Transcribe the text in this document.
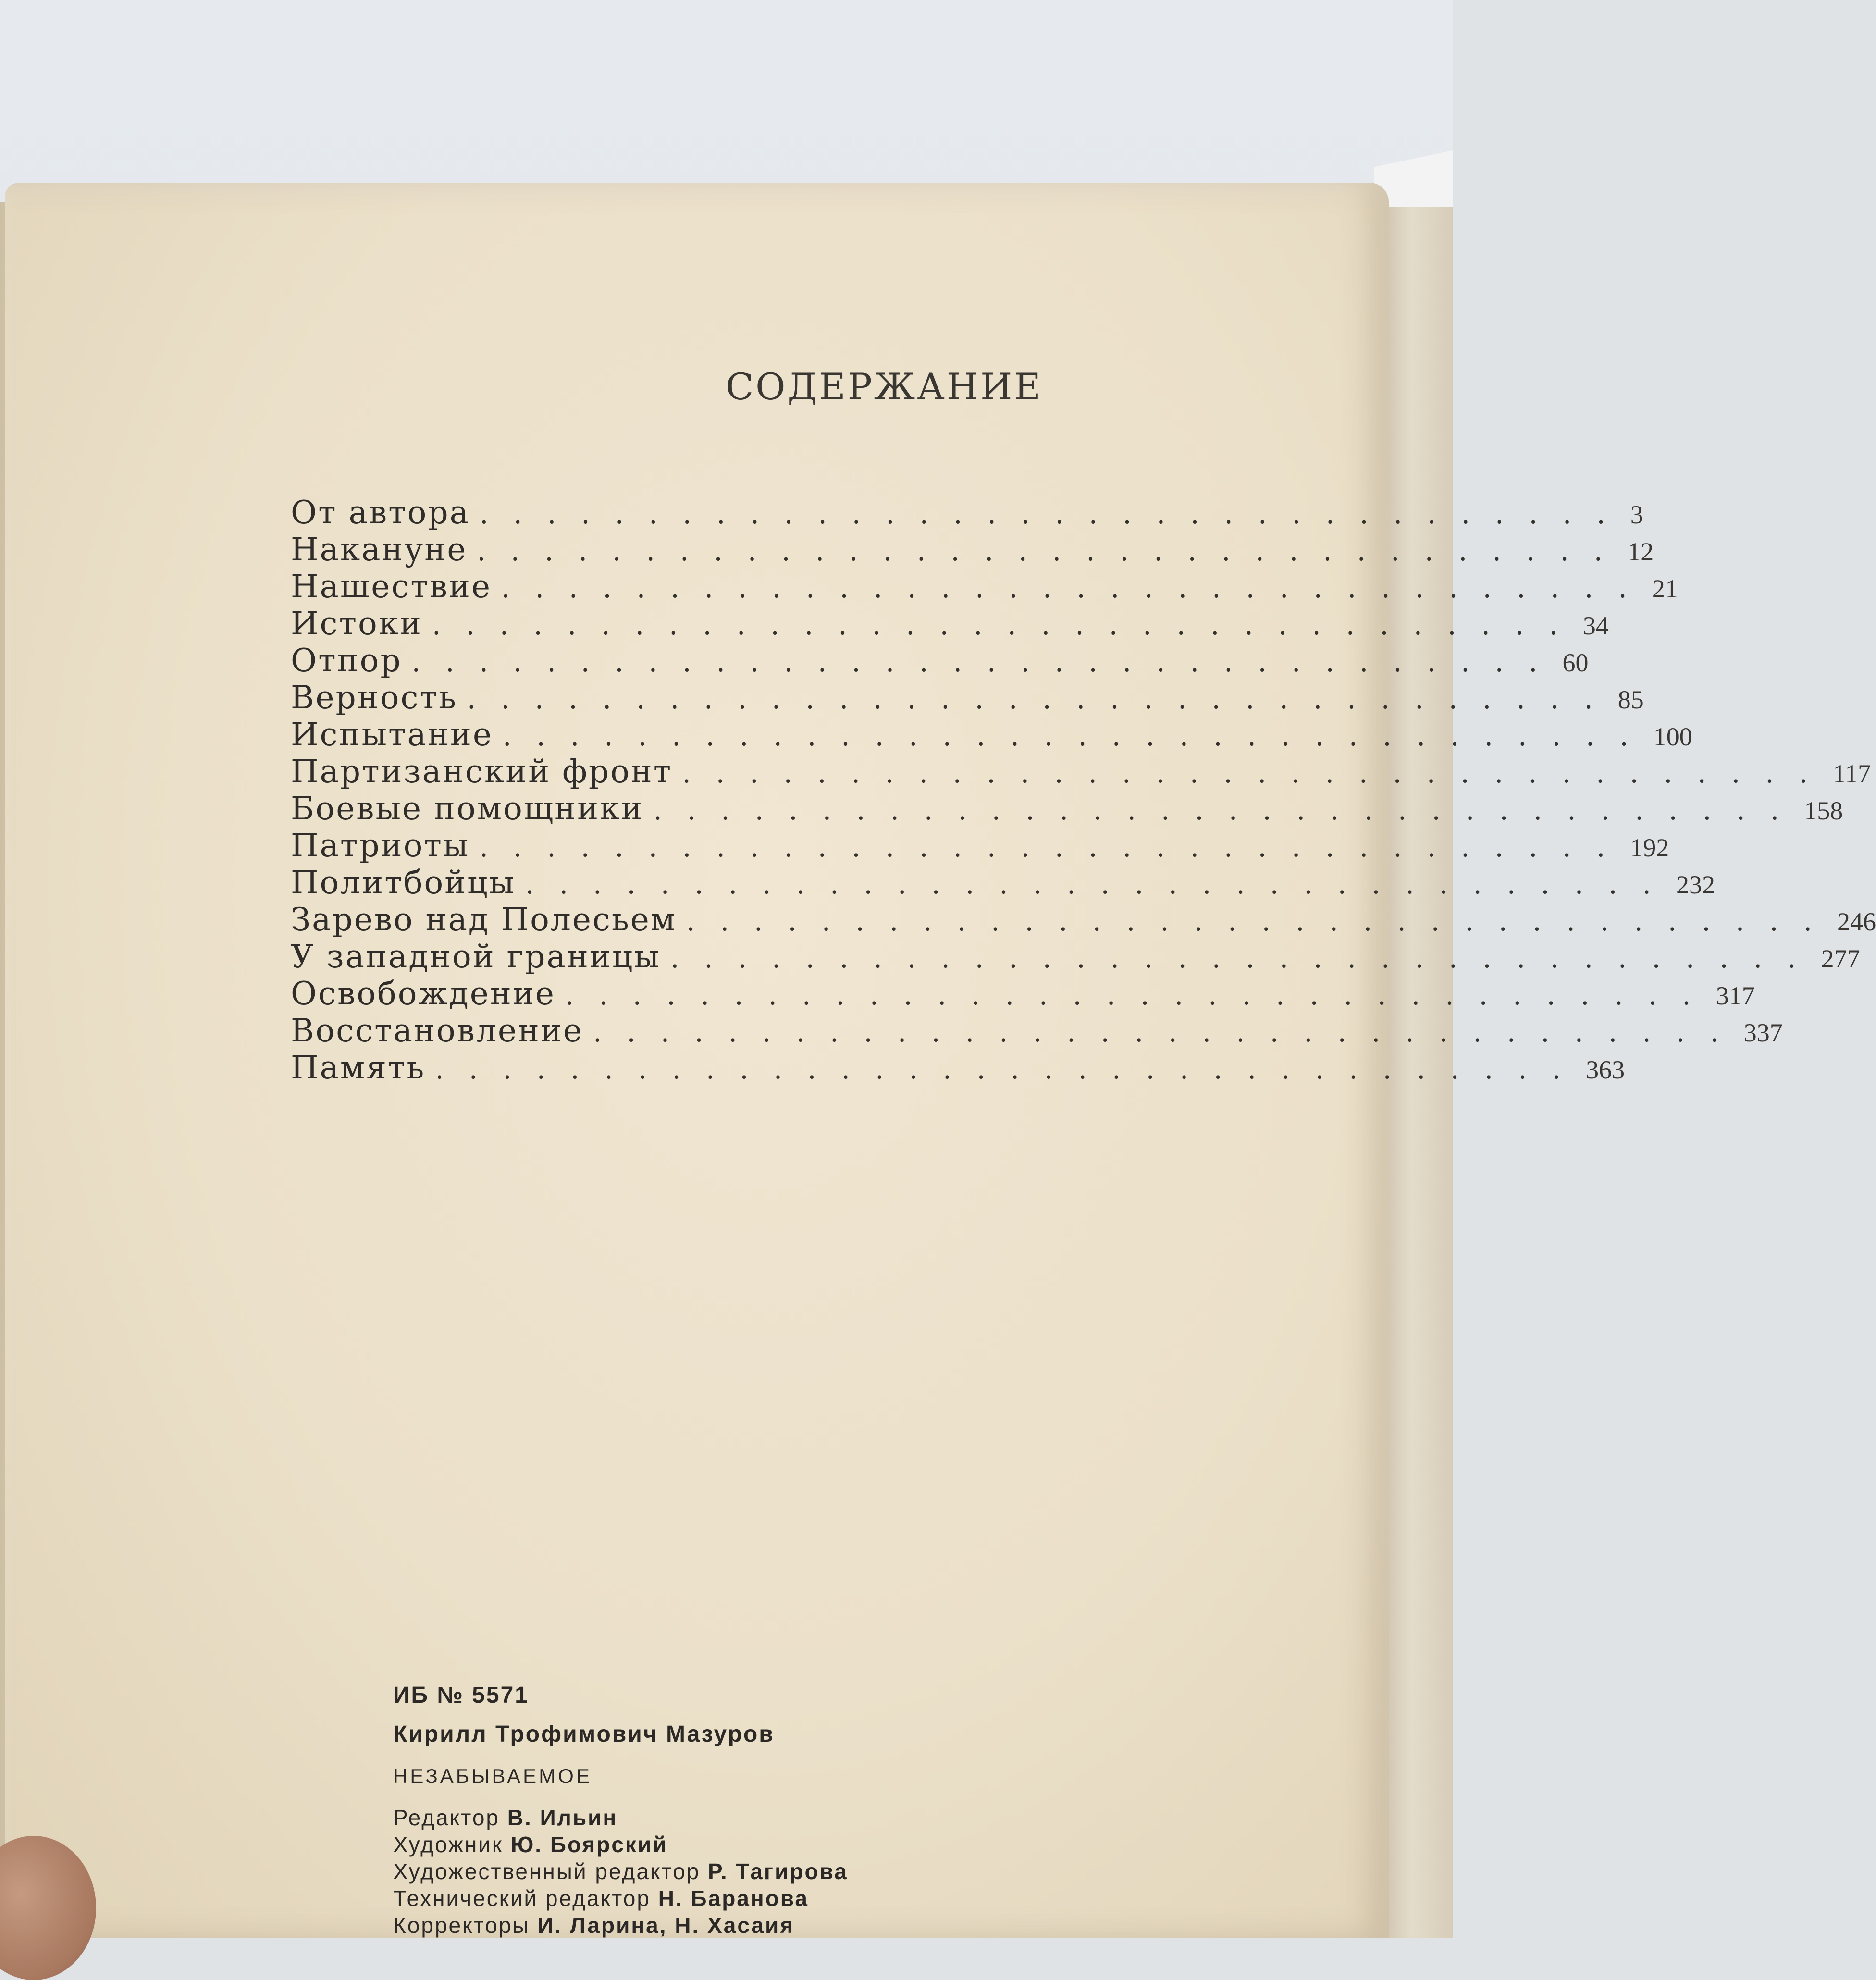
СОДЕРЖАНИЕ
От автора .................................. 3
Накануне .................................. 12
Нашествие .................................. 21
Истоки .................................. 34
Отпор .................................. 60
Верность .................................. 85
Испытание .................................. 100
Партизанский фронт .................................. 117
Боевые помощники .................................. 158
Патриоты .................................. 192
Политбойцы .................................. 232
Зарево над Полесьем .................................. 246
У западной границы .................................. 277
Освобождение .................................. 317
Восстановление .................................. 337
Память .................................. 363
ИБ № 5571
Кирилл Трофимович Мазуров
НЕЗАБЫВАЕМОЕ
Редактор В. Ильин
Художник Ю. Боярский
Художественный редактор Р. Тагирова
Технический редактор Н. Баранова
Корректоры И. Ларина, Н. Хасаия
